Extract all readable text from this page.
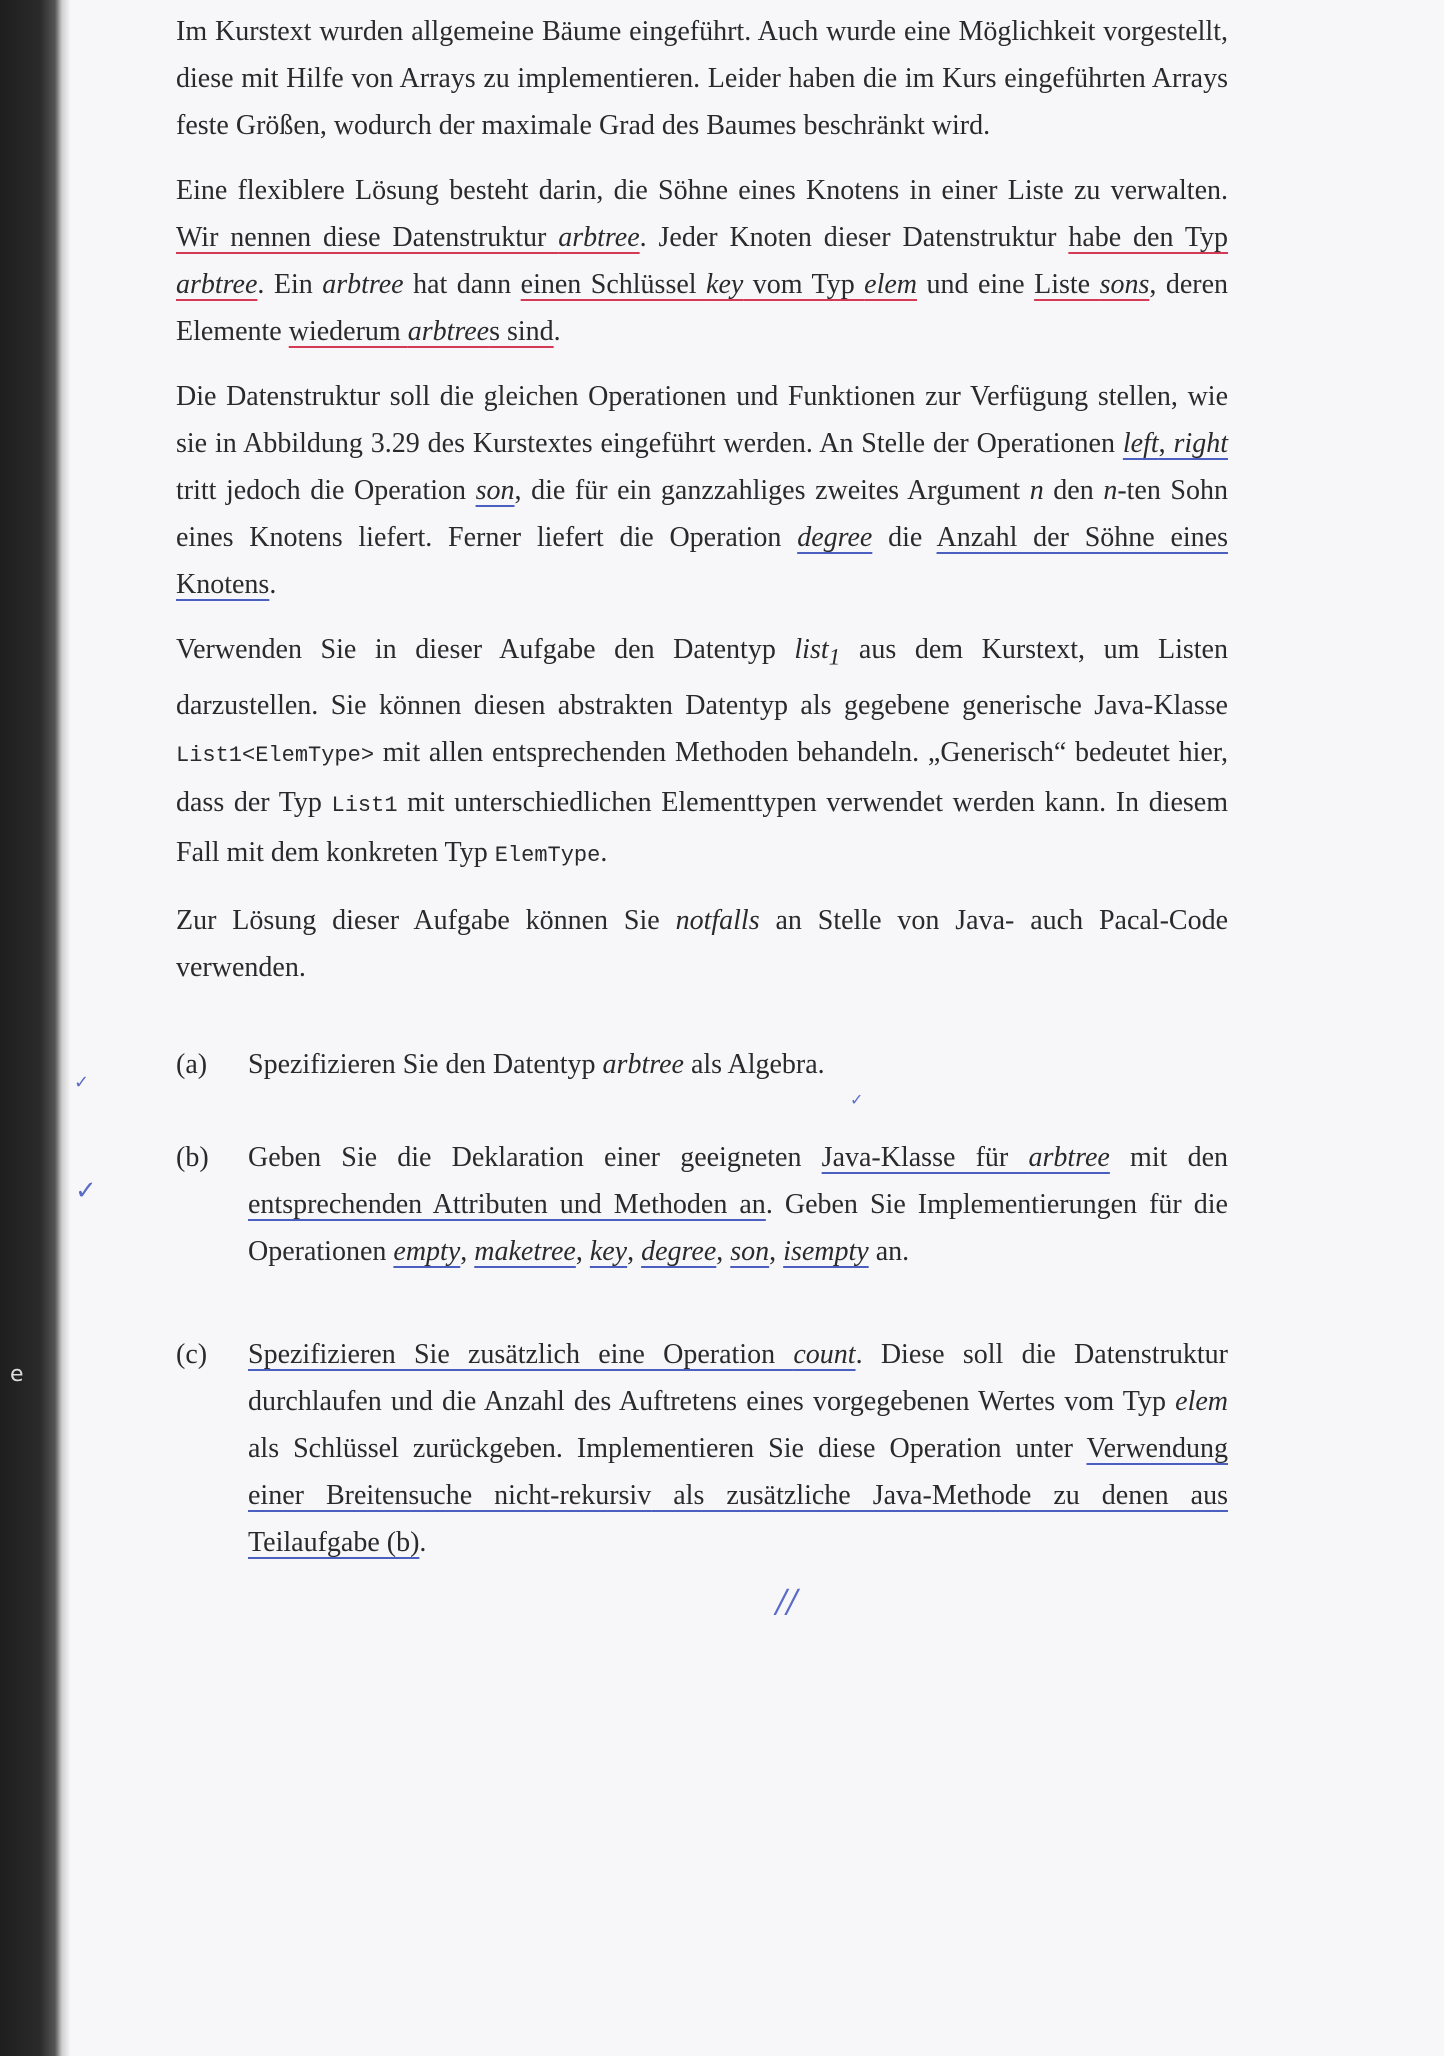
✓
✓
✓
e
//

Im Kurstext wurden allgemeine Bäume eingeführt. Auch wurde eine Möglichkeit vorgestellt, diese mit Hilfe von Arrays zu implementieren. Leider haben die im Kurs eingeführten Arrays feste Größen, wodurch der maximale Grad des Baumes beschränkt wird.

Eine flexiblere Lösung besteht darin, die Söhne eines Knotens in einer Liste zu verwalten. Wir nennen diese Datenstruktur arbtree. Jeder Knoten dieser Datenstruktur habe den Typ arbtree. Ein arbtree hat dann einen Schlüssel key vom Typ elem und eine Liste sons, deren Elemente wiederum arbtrees sind.

Die Datenstruktur soll die gleichen Operationen und Funktionen zur Verfügung stellen, wie sie in Abbildung 3.29 des Kurstextes eingeführt werden. An Stelle der Operationen left, right tritt jedoch die Operation son, die für ein ganzzahliges zweites Argument n den n-ten Sohn eines Knotens liefert. Ferner liefert die Operation degree die Anzahl der Söhne eines Knotens.

Verwenden Sie in dieser Aufgabe den Datentyp list$_1$ aus dem Kurstext, um Listen darzustellen. Sie können diesen abstrakten Datentyp als gegebene generische Java-Klasse List1<ElemType> mit allen entsprechenden Methoden behandeln. „Generisch“ bedeutet hier, dass der Typ List1 mit unterschiedlichen Elementtypen verwendet werden kann. In diesem Fall mit dem konkreten Typ ElemType.

Zur Lösung dieser Aufgabe können Sie notfalls an Stelle von Java- auch Pacal-Code verwenden.

(a) Spezifizieren Sie den Datentyp arbtree als Algebra.
(b) Geben Sie die Deklaration einer geeigneten Java-Klasse für arbtree mit den entsprechenden Attributen und Methoden an. Geben Sie Implementierungen für die Operationen empty, maketree, key, degree, son, isempty an.
(c) Spezifizieren Sie zusätzlich eine Operation count. Diese soll die Datenstruktur durchlaufen und die Anzahl des Auftretens eines vorgegebenen Wertes vom Typ elem als Schlüssel zurückgeben. Implementieren Sie diese Operation unter Verwendung einer Breitensuche nicht-rekursiv als zusätzliche Java-Methode zu denen aus Teilaufgabe (b).
